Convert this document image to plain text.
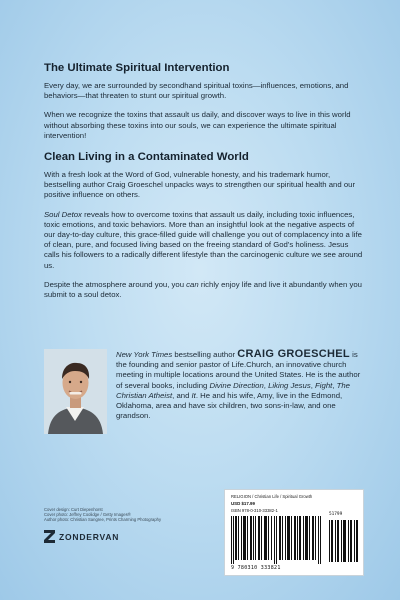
The Ultimate Spiritual Intervention

Every day, we are surrounded by secondhand spiritual toxins—influences, emotions, and behaviors—that threaten to stunt our spiritual growth.

When we recognize the toxins that assault us daily, and discover ways to live in this world without absorbing these toxins into our souls, we can experience the ultimate spiritual intervention!

Clean Living in a Contaminated World

With a fresh look at the Word of God, vulnerable honesty, and his trademark humor, bestselling author Craig Groeschel unpacks ways to strengthen our spiritual health and our positive influence on others.

Soul Detox reveals how to overcome toxins that assault us daily, including toxic influences, toxic emotions, and toxic behaviors. More than an insightful look at the negative aspects of our day-to-day culture, this grace-filled guide will challenge you out of complacency into a life of clean, pure, and focused living based on the freeing standard of God's holiness. Jesus calls his followers to a radically different lifestyle than the carcinogenic culture we see around us.

Despite the atmosphere around you, you can richly enjoy life and live it abundantly when you submit to a soul detox.

New York Times bestselling author CRAIG GROESCHEL is the founding and senior pastor of Life.Church, an innovative church meeting in multiple locations around the United States. He is the author of several books, including Divine Direction, Liking Jesus, Fight, The Christian Atheist, and It. He and his wife, Amy, live in the Edmond, Oklahoma, area and have six children, two sons-in-law, and one grandson.
Cover design: Curt Diepenhorst
Cover photo: Jeffrey Coolidge / Getty Images®
Author photo: Christian Sangree, Prints Charming Photography
ZONDERVAN
RELIGION / Christian Life / Spiritual Growth
USD $17.99
ISBN 978-0-310-33382-1
51799
9 780310 333821
